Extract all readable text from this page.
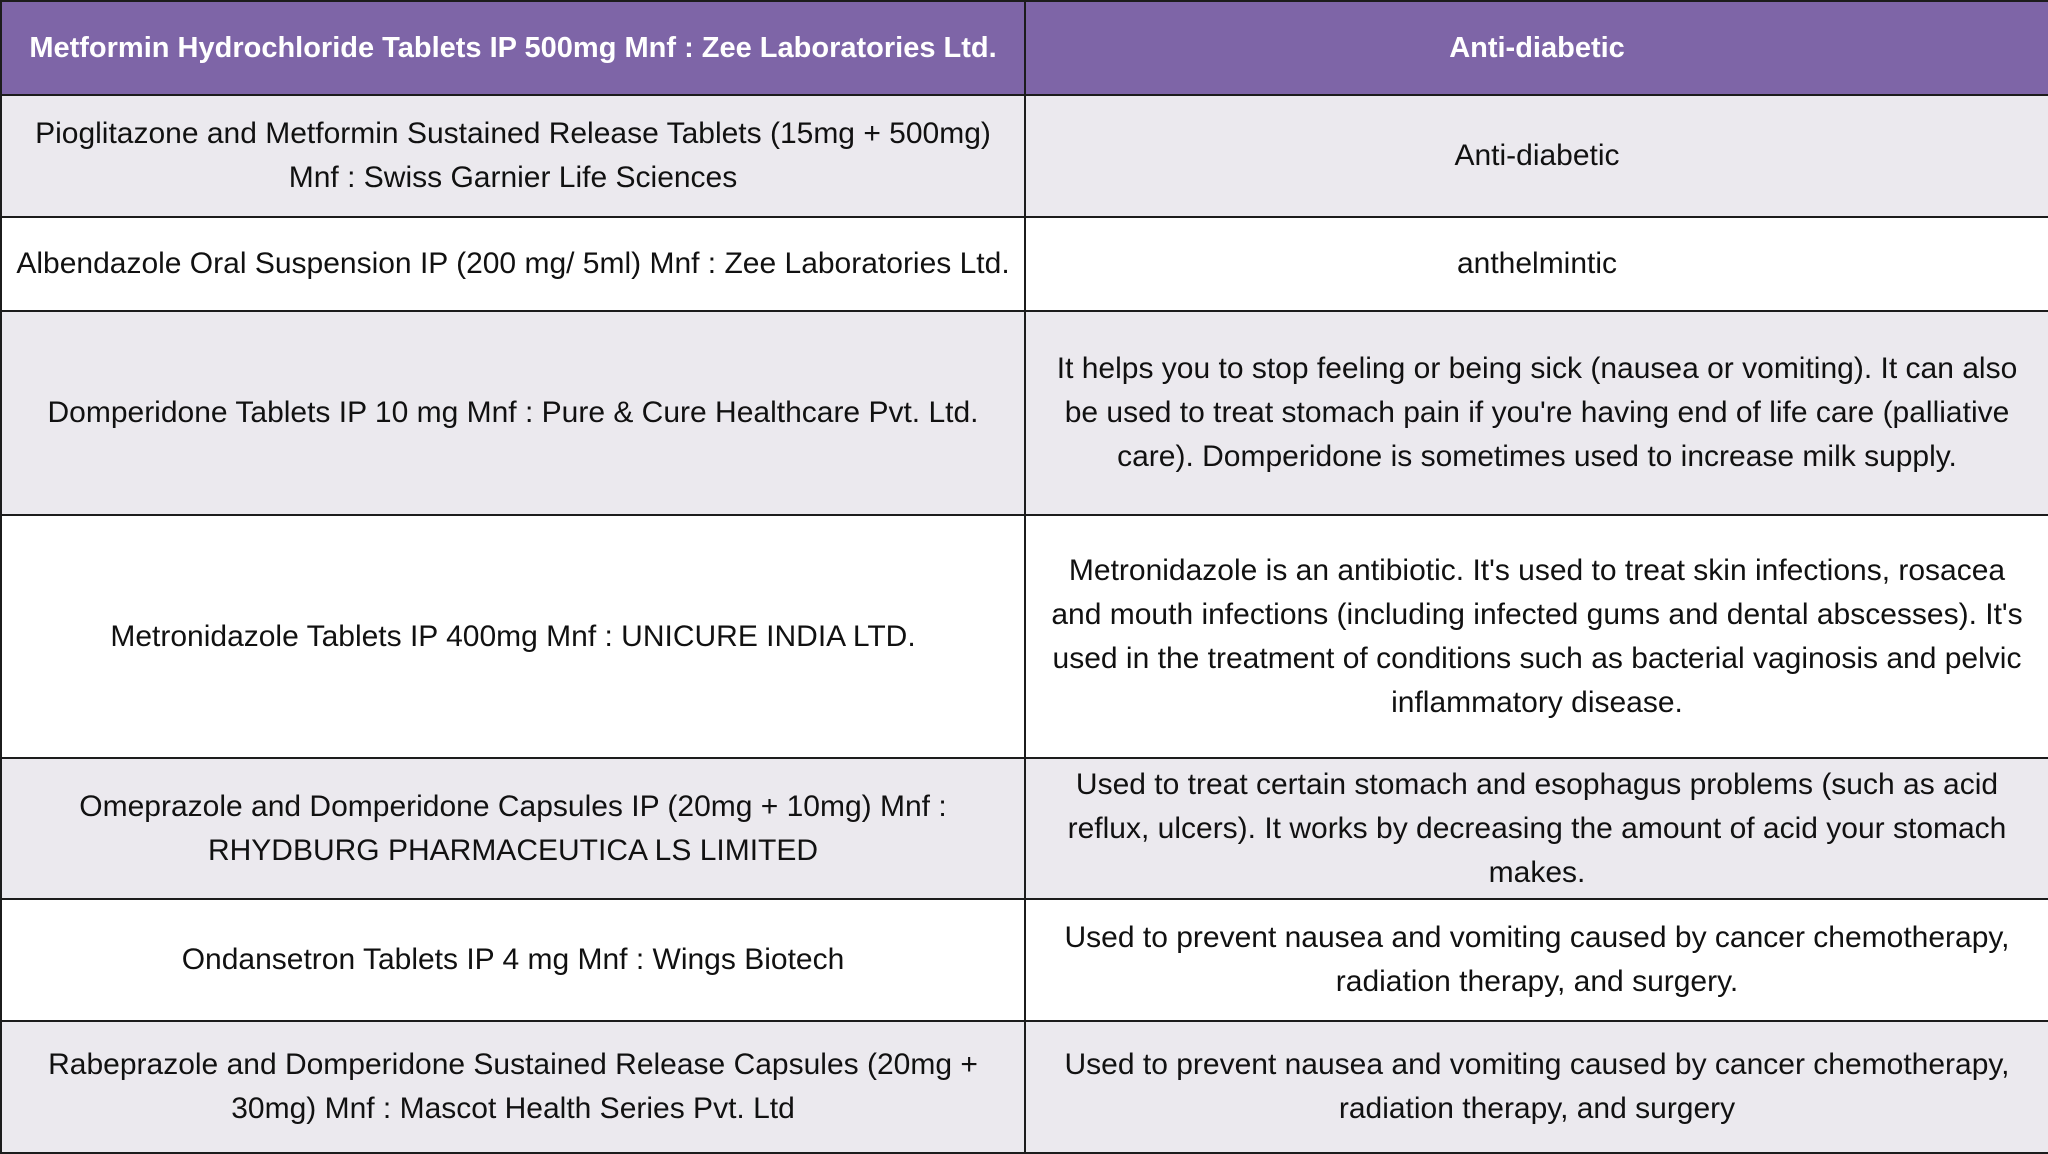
Metformin Hydrochloride Tablets IP 500mg Mnf : Zee Laboratories Ltd.	Anti-diabetic
Pioglitazone and Metformin Sustained Release Tablets (15mg + 500mg) Mnf : Swiss Garnier Life Sciences	Anti-diabetic
Albendazole Oral Suspension IP (200 mg/ 5ml) Mnf : Zee Laboratories Ltd.	anthelmintic
Domperidone Tablets IP 10 mg Mnf : Pure & Cure Healthcare Pvt. Ltd.	It helps you to stop feeling or being sick (nausea or vomiting). It can also be used to treat stomach pain if you're having end of life care (palliative care). Domperidone is sometimes used to increase milk supply.
Metronidazole Tablets IP 400mg Mnf : UNICURE INDIA LTD.	Metronidazole is an antibiotic. It's used to treat skin infections, rosacea and mouth infections (including infected gums and dental abscesses). It's used in the treatment of conditions such as bacterial vaginosis and pelvic inflammatory disease.
Omeprazole and Domperidone Capsules IP (20mg + 10mg) Mnf : RHYDBURG PHARMACEUTICA LS LIMITED	Used to treat certain stomach and esophagus problems (such as acid reflux, ulcers). It works by decreasing the amount of acid your stomach makes.
Ondansetron Tablets IP 4 mg Mnf : Wings Biotech	Used to prevent nausea and vomiting caused by cancer chemotherapy, radiation therapy, and surgery.
Rabeprazole and Domperidone Sustained Release Capsules (20mg + 30mg) Mnf : Mascot Health Series Pvt. Ltd	Used to prevent nausea and vomiting caused by cancer chemotherapy, radiation therapy, and surgery
